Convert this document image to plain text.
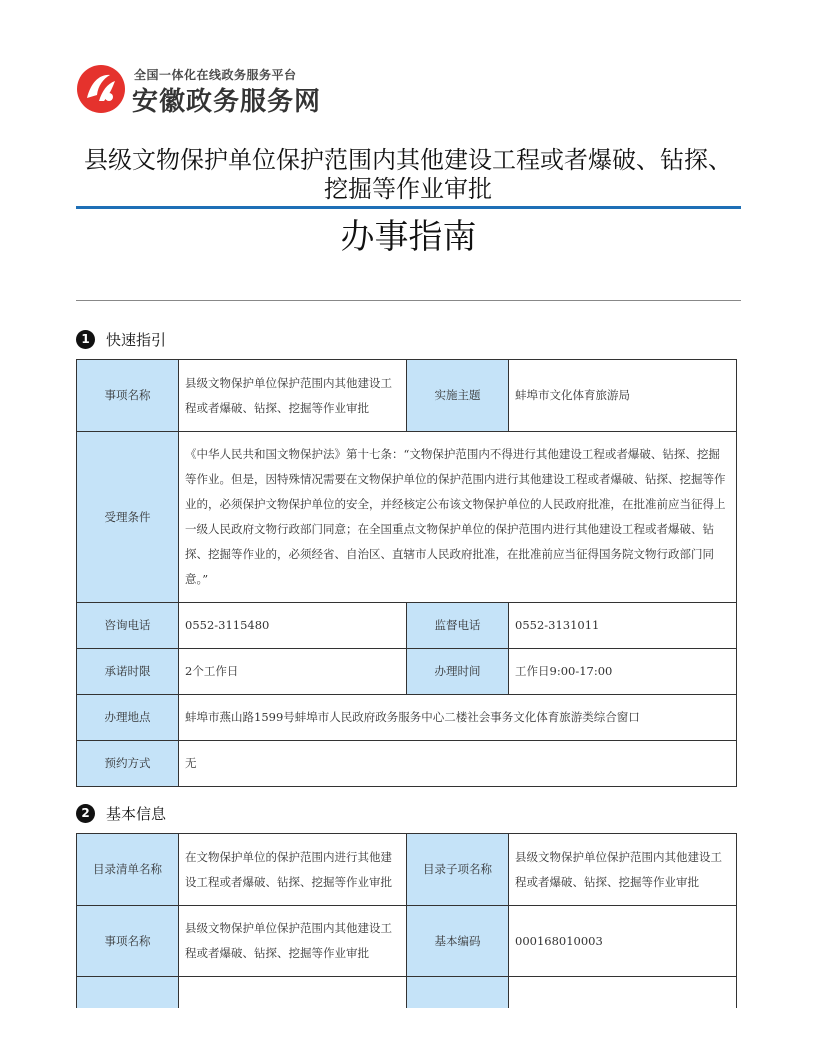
全国一体化在线政务服务平台
安徽政务服务网
县级文物保护单位保护范围内其他建设工程或者爆破、钻探、挖掘等作业审批
办事指南
1	快速指引
事项名称	县级文物保护单位保护范围内其他建设工程或者爆破、钻探、挖掘等作业审批	实施主题	蚌埠市文化体育旅游局
受理条件	《中华人民共和国文物保护法》第十七条：“文物保护范围内不得进行其他建设工程或者爆破、钻探、挖掘等作业。但是，因特殊情况需要在文物保护单位的保护范围内进行其他建设工程或者爆破、钻探、挖掘等作业的，必须保护文物保护单位的安全，并经核定公布该文物保护单位的人民政府批准，在批准前应当征得上一级人民政府文物行政部门同意；在全国重点文物保护单位的保护范围内进行其他建设工程或者爆破、钻探、挖掘等作业的，必须经省、自治区、直辖市人民政府批准，在批准前应当征得国务院文物行政部门同意。”		
咨询电话	0552-3115480	监督电话	0552-3131011
承诺时限	2个工作日	办理时间	工作日9:00-17:00
办理地点	蚌埠市燕山路1599号蚌埠市人民政府政务服务中心二楼社会事务文化体育旅游类综合窗口		
预约方式	无		
2	基本信息
目录清单名称	在文物保护单位的保护范围内进行其他建设工程或者爆破、钻探、挖掘等作业审批	目录子项名称	县级文物保护单位保护范围内其他建设工程或者爆破、钻探、挖掘等作业审批
事项名称	县级文物保护单位保护范围内其他建设工程或者爆破、钻探、挖掘等作业审批	基本编码	000168010003
